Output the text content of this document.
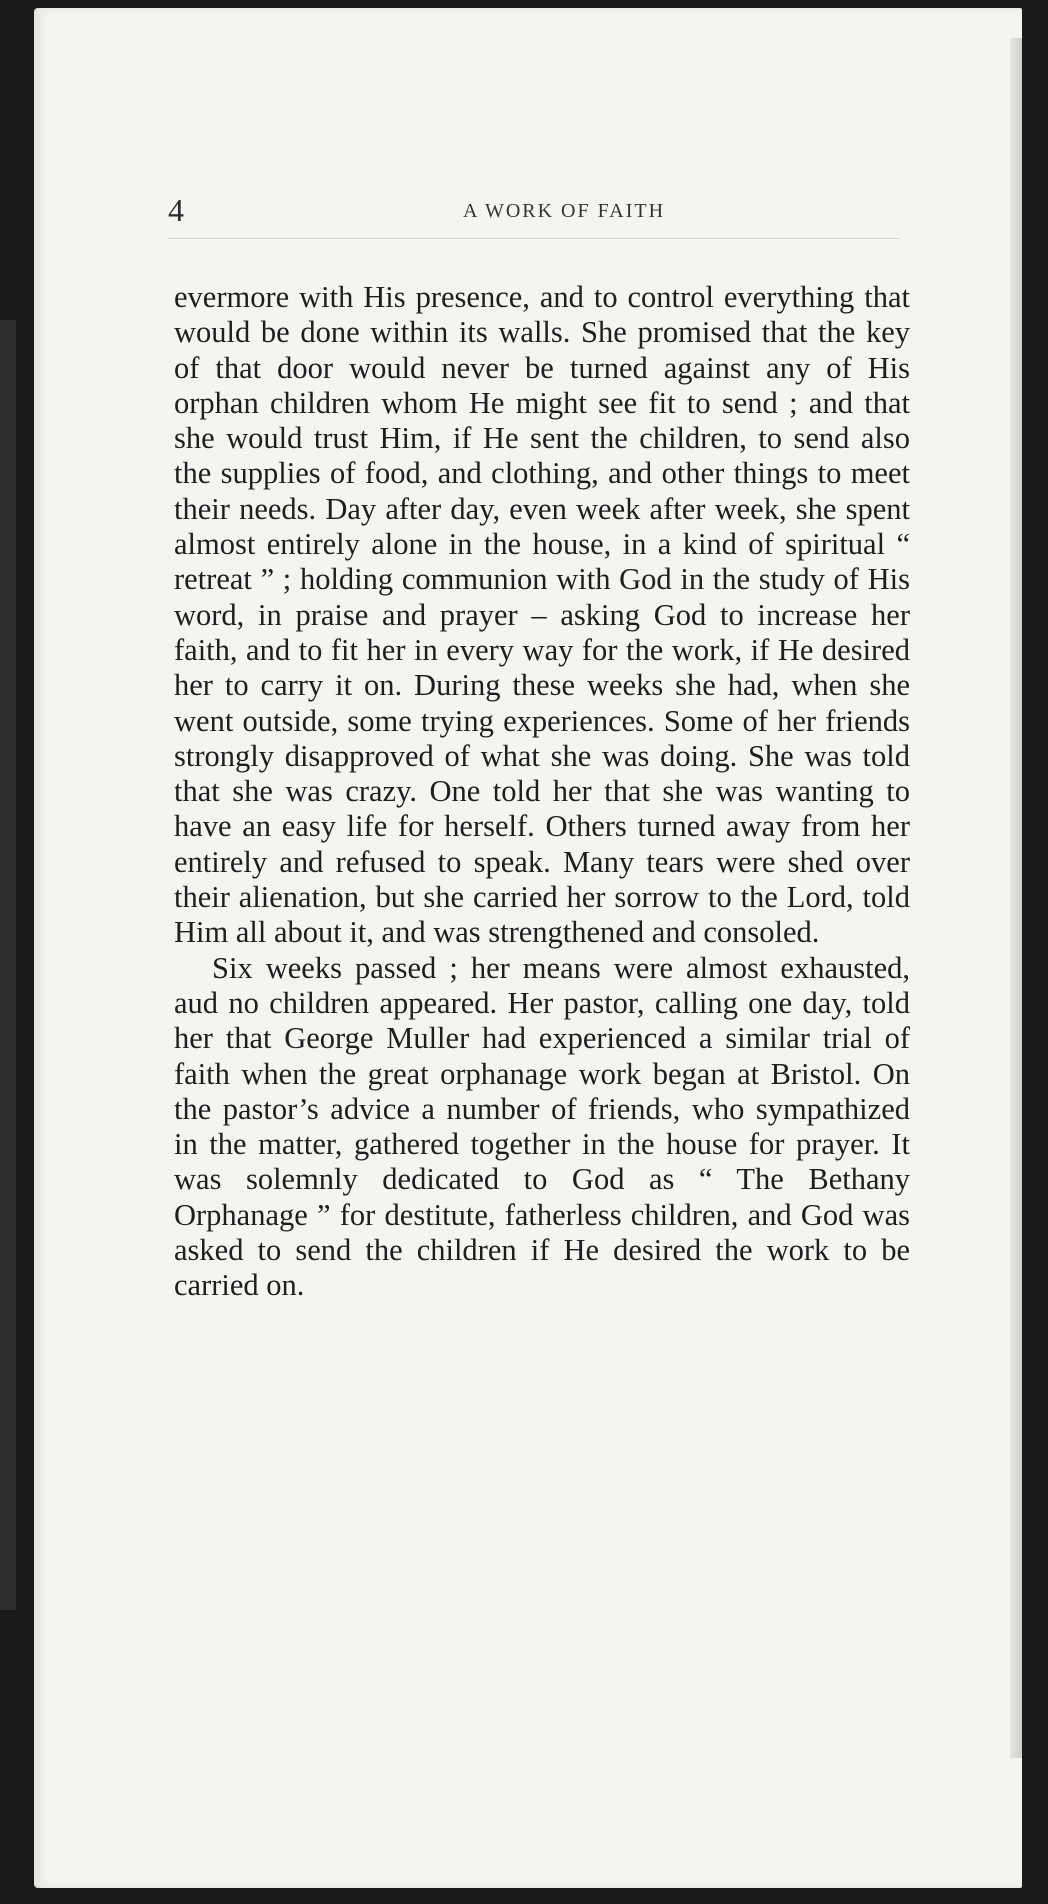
4	A WORK OF FAITH

evermore with His presence, and to control everything that would be done within its walls. She promised that the key of that door would never be turned against any of His orphan children whom He might see fit to send ; and that she would trust Him, if He sent the children, to send also the supplies of food, and clothing, and other things to meet their needs. Day after day, even week after week, she spent almost entirely alone in the house, in a kind of spiritual “ retreat ” ; holding communion with God in the study of His word, in praise and prayer – asking God to increase her faith, and to fit her in every way for the work, if He desired her to carry it on. During these weeks she had, when she went outside, some trying experiences. Some of her friends strongly disapproved of what she was doing. She was told that she was crazy. One told her that she was wanting to have an easy life for herself. Others turned away from her entirely and refused to speak. Many tears were shed over their alienation, but she carried her sorrow to the Lord, told Him all about it, and was strengthened and consoled.

Six weeks passed ; her means were almost exhausted, aud no children appeared. Her pastor, calling one day, told her that George Muller had experienced a similar trial of faith when the great orphanage work began at Bristol. On the pastor’s advice a number of friends, who sympathized in the matter, gathered together in the house for prayer. It was solemnly dedicated to God as “ The Bethany Orphanage ” for destitute, fatherless children, and God was asked to send the children if He desired the work to be carried on.
